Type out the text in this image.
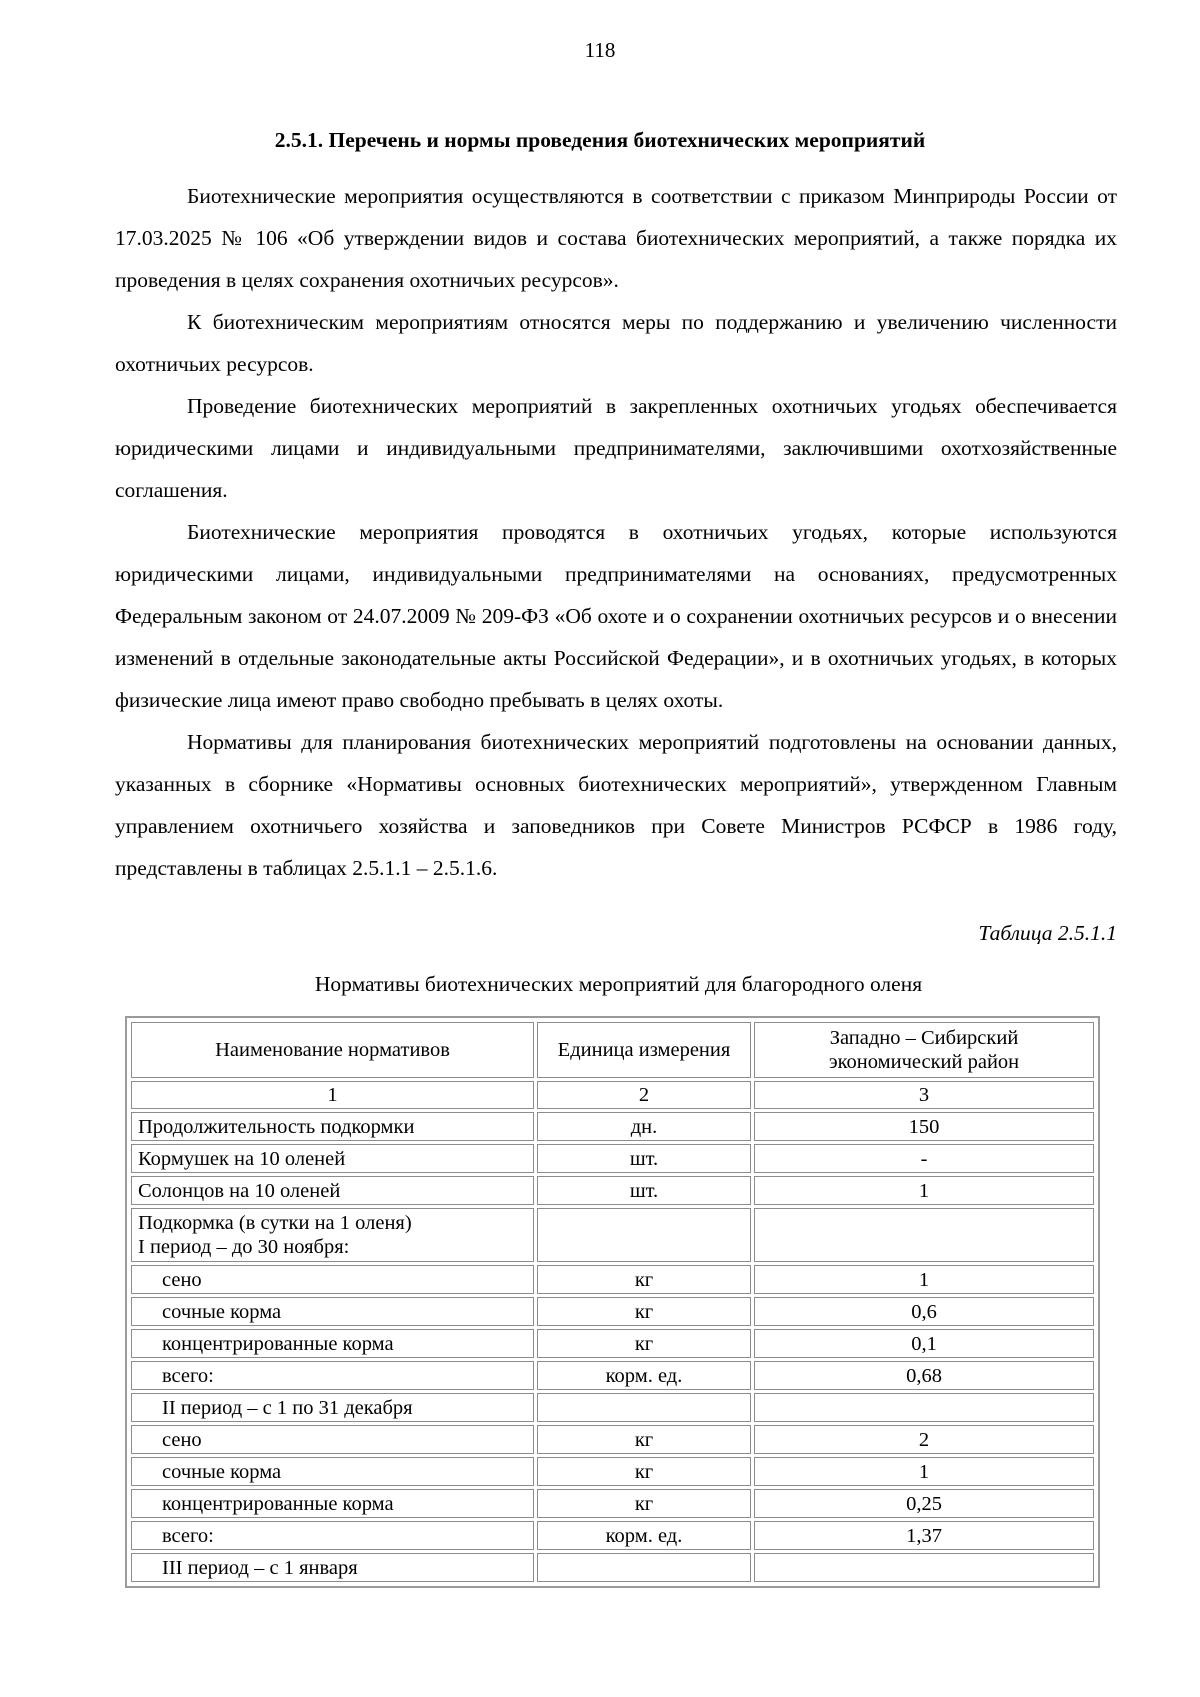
118
2.5.1. Перечень и нормы проведения биотехнических мероприятий

Биотехнические мероприятия осуществляются в соответствии с приказом Минприроды России от 17.03.2025 № 106 «Об утверждении видов и состава биотехнических мероприятий, а также порядка их проведения в целях сохранения охотничьих ресурсов».

К биотехническим мероприятиям относятся меры по поддержанию и увеличению численности охотничьих ресурсов.

Проведение биотехнических мероприятий в закрепленных охотничьих угодьях обеспечивается юридическими лицами и индивидуальными предпринимателями, заключившими охотхозяйственные соглашения.

Биотехнические мероприятия проводятся в охотничьих угодьях, которые используются юридическими лицами, индивидуальными предпринимателями на основаниях, предусмотренных Федеральным законом от 24.07.2009 № 209-ФЗ «Об охоте и о сохранении охотничьих ресурсов и о внесении изменений в отдельные законодательные акты Российской Федерации», и в охотничьих угодьях, в которых физические лица имеют право свободно пребывать в целях охоты.

Нормативы для планирования биотехнических мероприятий подготовлены на основании данных, указанных в сборнике «Нормативы основных биотехнических мероприятий», утвержденном Главным управлением охотничьего хозяйства и заповедников при Совете Министров РСФСР в 1986 году, представлены в таблицах 2.5.1.1 – 2.5.1.6.

Таблица 2.5.1.1
Нормативы биотехнических мероприятий для благородного оленя
Наименование нормативов	Единица измерения	Западно – Сибирский экономический район
1	2	3
Продолжительность подкормки	дн.	150
Кормушек на 10 оленей	шт.	-
Солонцов на 10 оленей	шт.	1

Подкормка (в сутки на 1 оленя)
I период – до 30 ноября:		

сено	кг	1
сочные корма	кг	0,6
концентрированные корма	кг	0,1
всего:	корм. ед.	0,68
II период – с 1 по 31 декабря		
сено	кг	2
сочные корма	кг	1
концентрированные корма	кг	0,25
всего:	корм. ед.	1,37
III период – с 1 января		
